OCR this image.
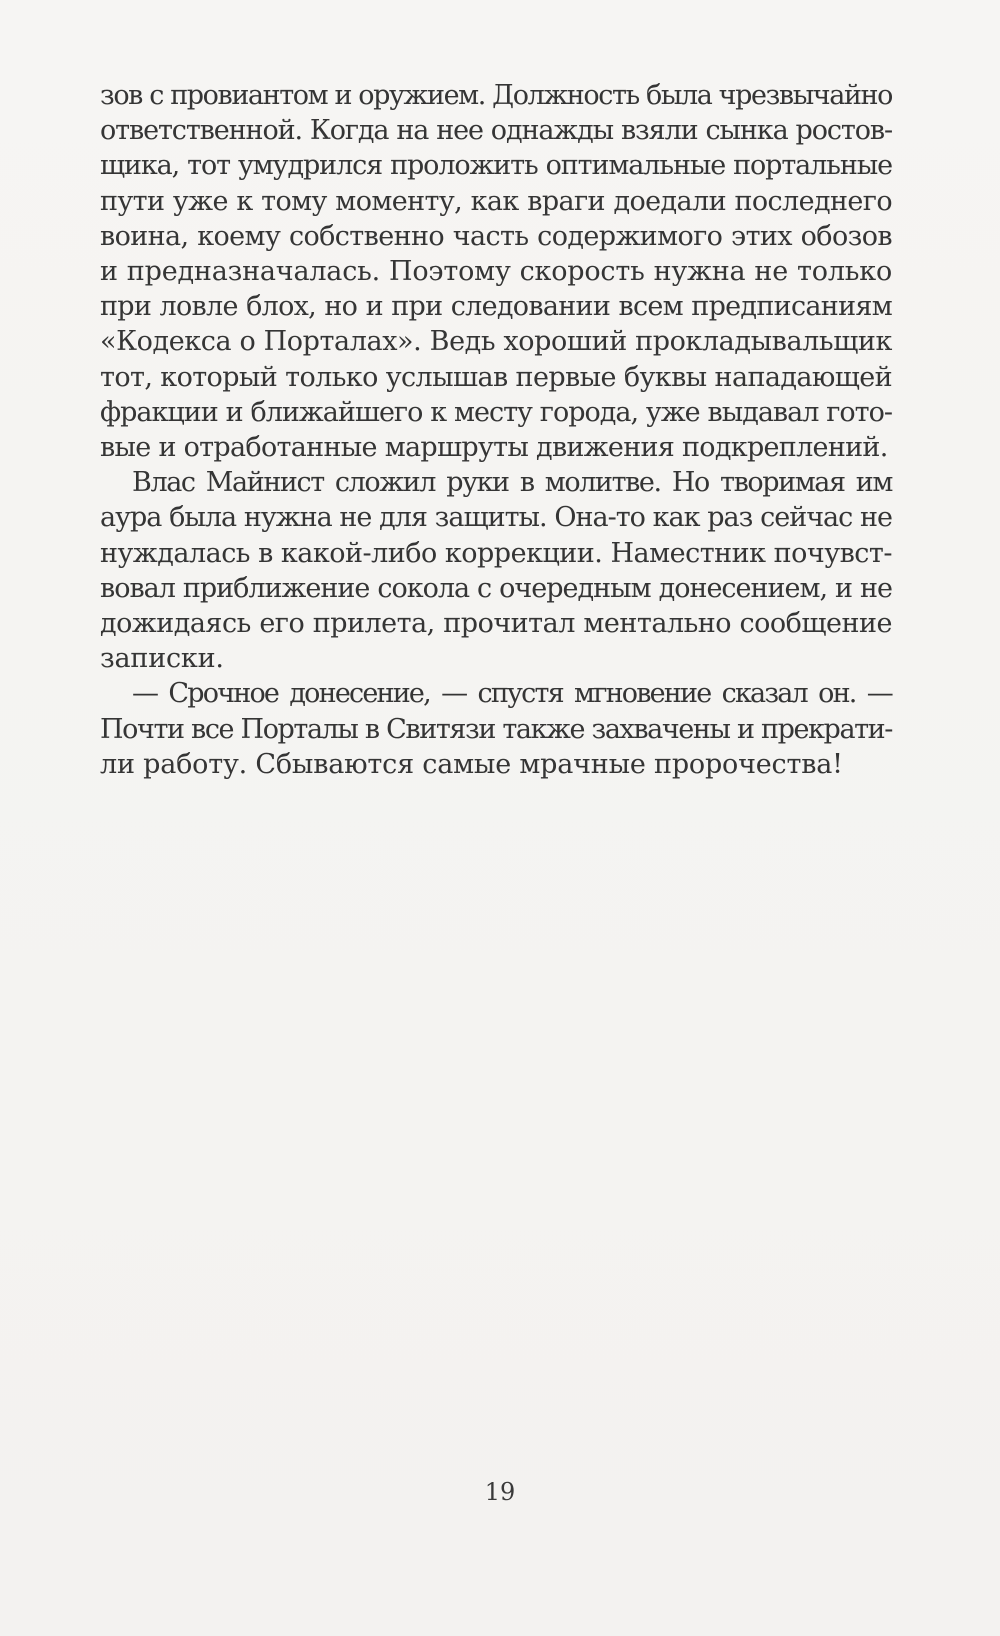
зов с провиантом и оружием. Должность была чрезвычайно
ответственной. Когда на нее однажды взяли сынка ростов-
щика, тот умудрился проложить оптимальные портальные
пути уже к тому моменту, как враги доедали последнего
воина, коему собственно часть содержимого этих обозов
и предназначалась. Поэтому скорость нужна не только
при ловле блох, но и при следовании всем предписаниям
«Кодекса о Порталах». Ведь хороший прокладывальщик
тот, который только услышав первые буквы нападающей
фракции и ближайшего к месту города, уже выдавал гото-
вые и отработанные маршруты движения подкреплений.

Влас Майнист сложил руки в молитве. Но творимая им
аура была нужна не для защиты. Она-то как раз сейчас не
нуждалась в какой-либо коррекции. Наместник почувст-
вовал приближение сокола с очередным донесением, и не
дожидаясь его прилета, прочитал ментально сообщение
записки.

— Срочное донесение, — спустя мгновение сказал он. —
Почти все Порталы в Свитязи также захвачены и прекрати-
ли работу. Сбываются самые мрачные пророчества!

19
